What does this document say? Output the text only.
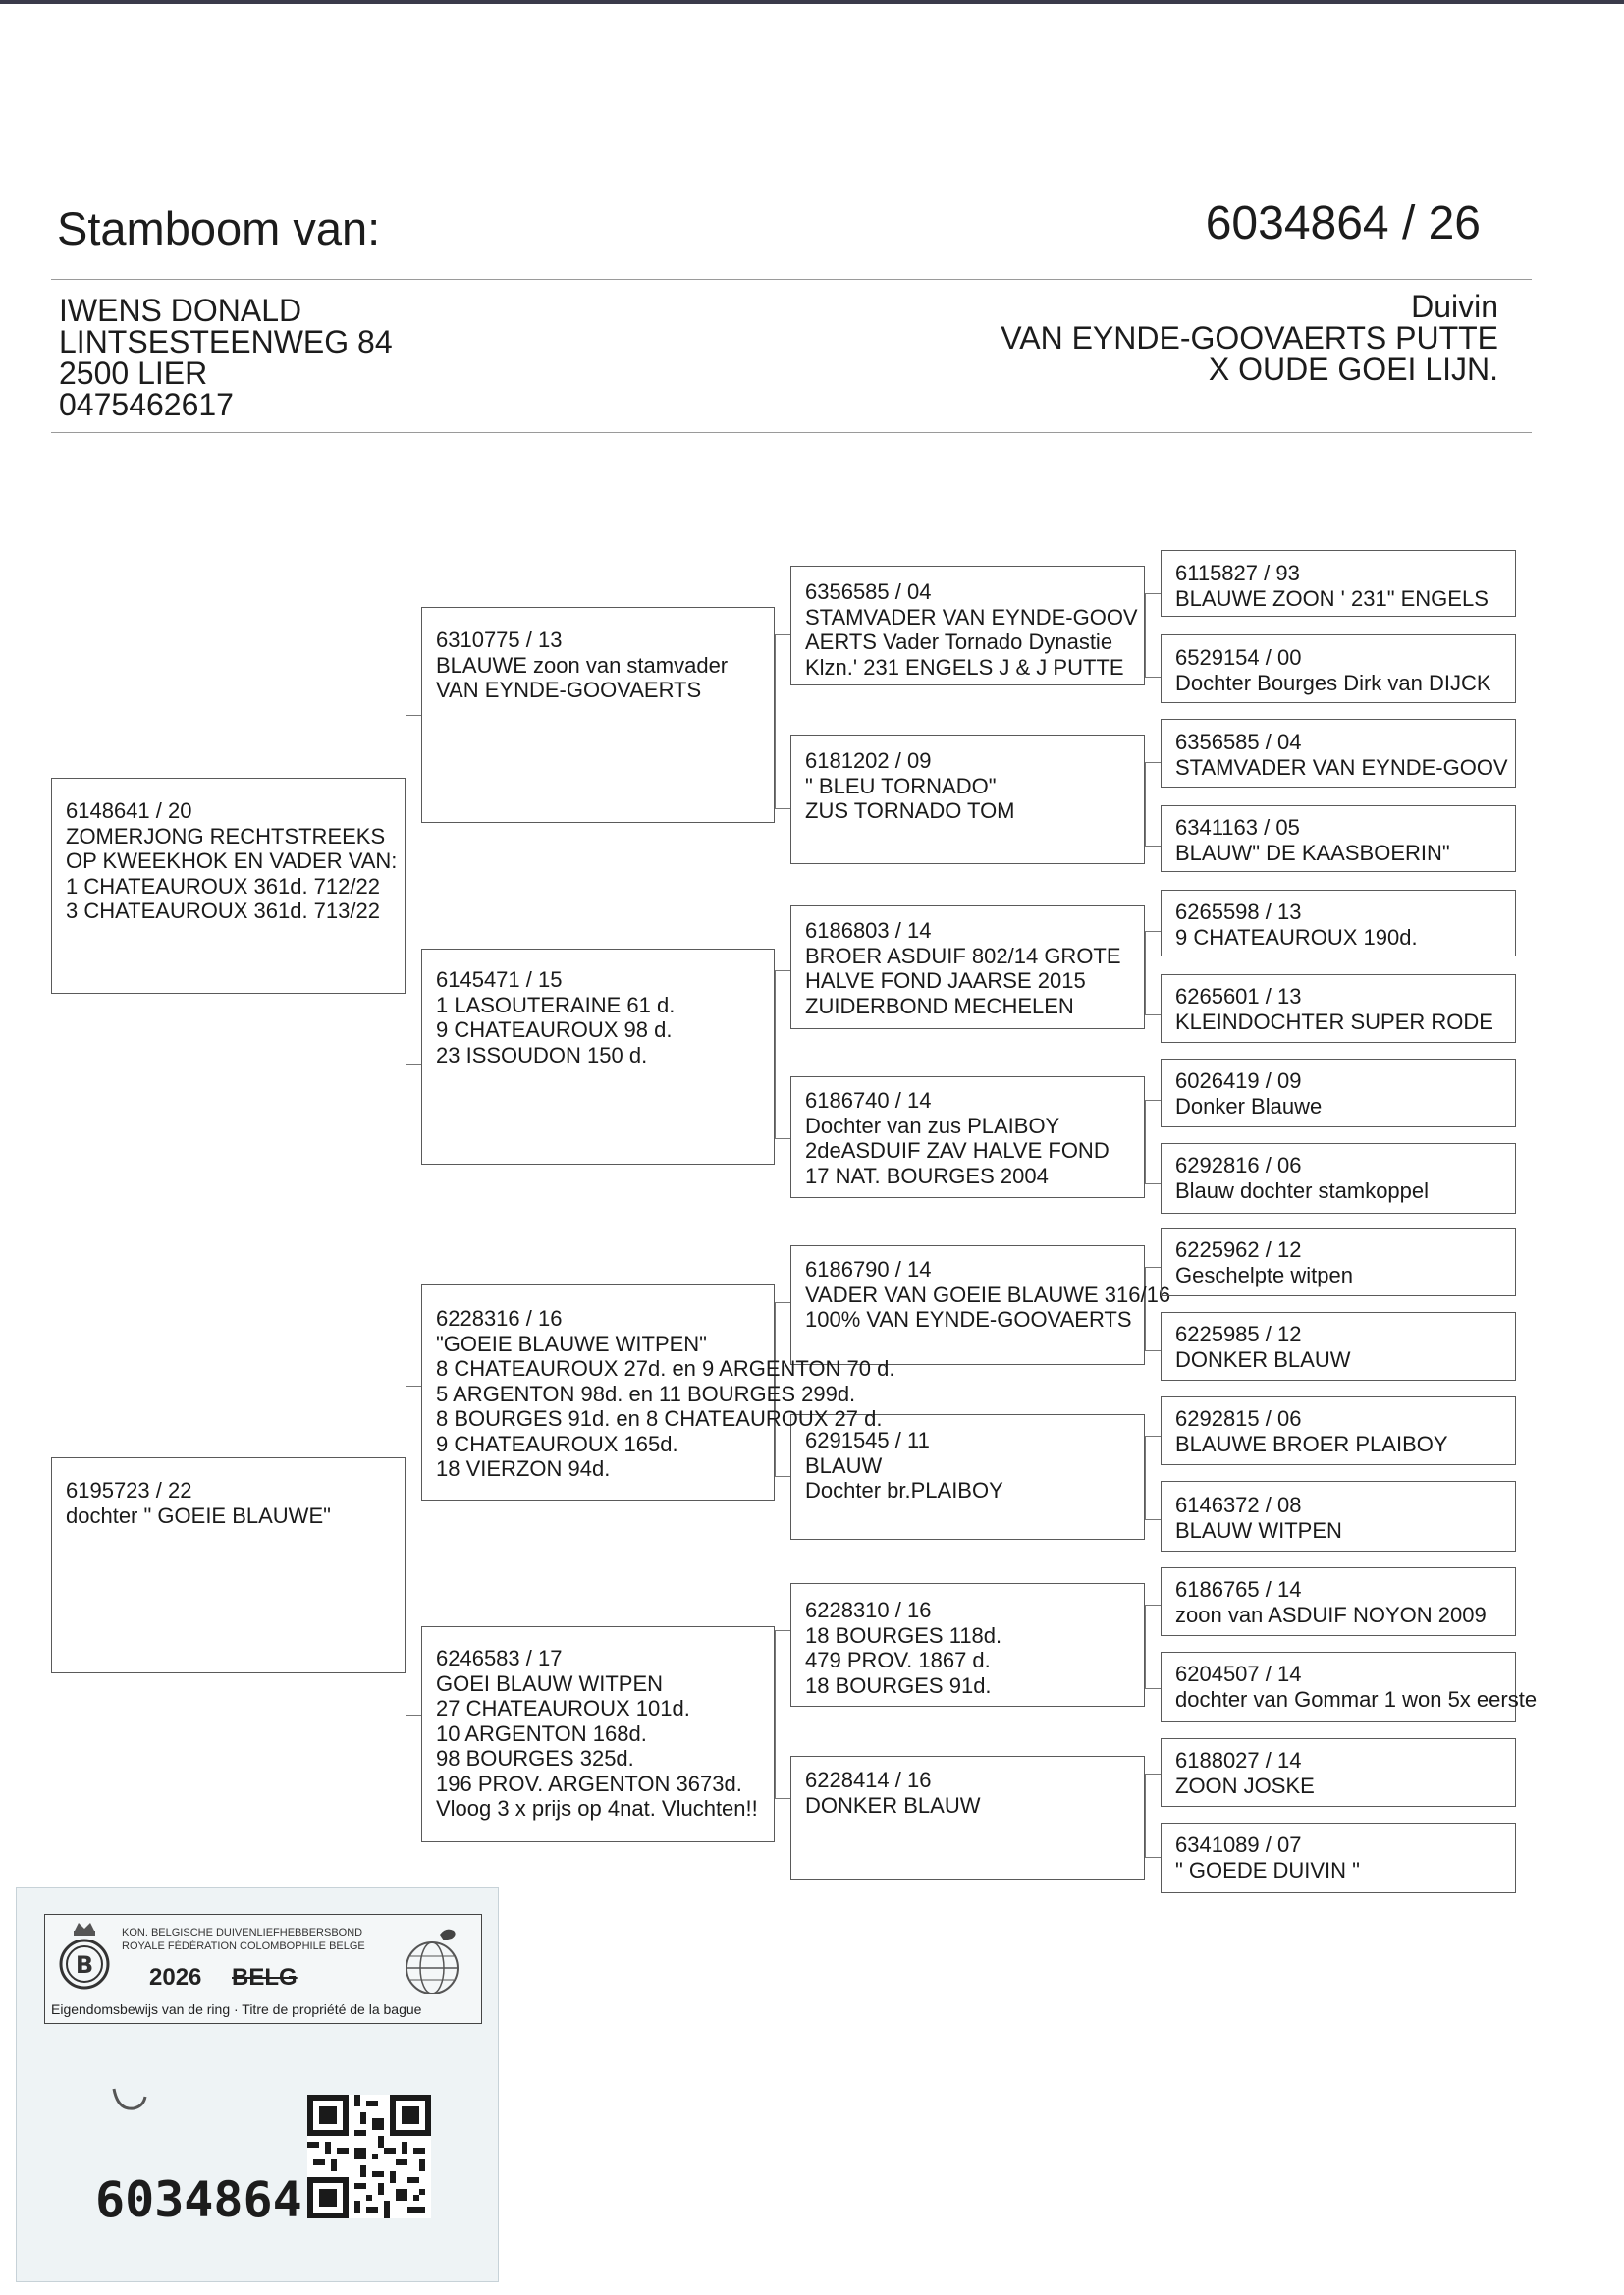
Stamboom van:	6034864 / 26
IWENS DONALD
LINTSESTEENWEG 84
2500 LIER
0475462617
Duivin
VAN EYNDE-GOOVAERTS PUTTE
X OUDE GOEI LIJN.
6148641 / 20
ZOMERJONG RECHTSTREEKS
OP KWEEKHOK EN VADER VAN:
1 CHATEAUROUX 361d. 712/22
3 CHATEAUROUX 361d. 713/22
6195723 / 22
dochter " GOEIE BLAUWE"
6310775 / 13
BLAUWE zoon van stamvader
VAN EYNDE-GOOVAERTS
6145471 / 15
1 LASOUTERAINE 61 d.
9 CHATEAUROUX 98 d.
23 ISSOUDON 150 d.
6246583 / 17
GOEI BLAUW WITPEN
27 CHATEAUROUX 101d.
10 ARGENTON 168d.
98 BOURGES 325d.
196 PROV. ARGENTON 3673d.
Vloog 3 x prijs op 4nat. Vluchten!!
6356585 / 04
STAMVADER VAN EYNDE-GOOV
AERTS Vader Tornado Dynastie
Klzn.' 231 ENGELS J & J PUTTE
6181202 / 09
" BLEU TORNADO"
ZUS TORNADO TOM
6186803 / 14
BROER ASDUIF 802/14 GROTE
HALVE FOND JAARSE 2015
ZUIDERBOND MECHELEN
6186740 / 14
Dochter van zus PLAIBOY
2deASDUIF ZAV HALVE FOND
17 NAT. BOURGES 2004
6186790 / 14
VADER VAN GOEIE BLAUWE 316/16
100% VAN EYNDE-GOOVAERTS
6291545 / 11
BLAUW
Dochter br.PLAIBOY
6228310 / 16
18 BOURGES 118d.
479 PROV. 1867 d.
18 BOURGES 91d.
6228414 / 16
DONKER BLAUW
6228316 / 16
"GOEIE BLAUWE WITPEN"
8 CHATEAUROUX 27d. en 9 ARGENTON 70 d.
5 ARGENTON 98d. en 11 BOURGES 299d.
8 BOURGES 91d. en 8 CHATEAUROUX 27 d.
9 CHATEAUROUX 165d.
18 VIERZON 94d.
6115827 / 93
BLAUWE ZOON ' 231" ENGELS
6529154 / 00
Dochter Bourges Dirk van DIJCK
6356585 / 04
STAMVADER VAN EYNDE-GOOV
6341163 / 05
BLAUW" DE KAASBOERIN"
6265598 / 13
9 CHATEAUROUX 190d.
6265601 / 13
KLEINDOCHTER SUPER RODE
6026419 / 09
Donker Blauwe
6292816 / 06
Blauw dochter stamkoppel
6225962 / 12
Geschelpte witpen
6225985 / 12
DONKER BLAUW
6292815 / 06
BLAUWE BROER PLAIBOY
6146372 / 08
BLAUW WITPEN
6186765 / 14
zoon van ASDUIF NOYON 2009
6204507 / 14
dochter van Gommar 1 won 5x eerste
6188027 / 14
ZOON JOSKE
6341089 / 07
" GOEDE DUIVIN "
B
KON. BELGISCHE DUIVENLIEFHEBBERSBOND
ROYALE FÉDÉRATION COLOMBOPHILE BELGE
2026 BELG
Eigendomsbewijs van de ring · Titre de propriété de la bague
6034864
